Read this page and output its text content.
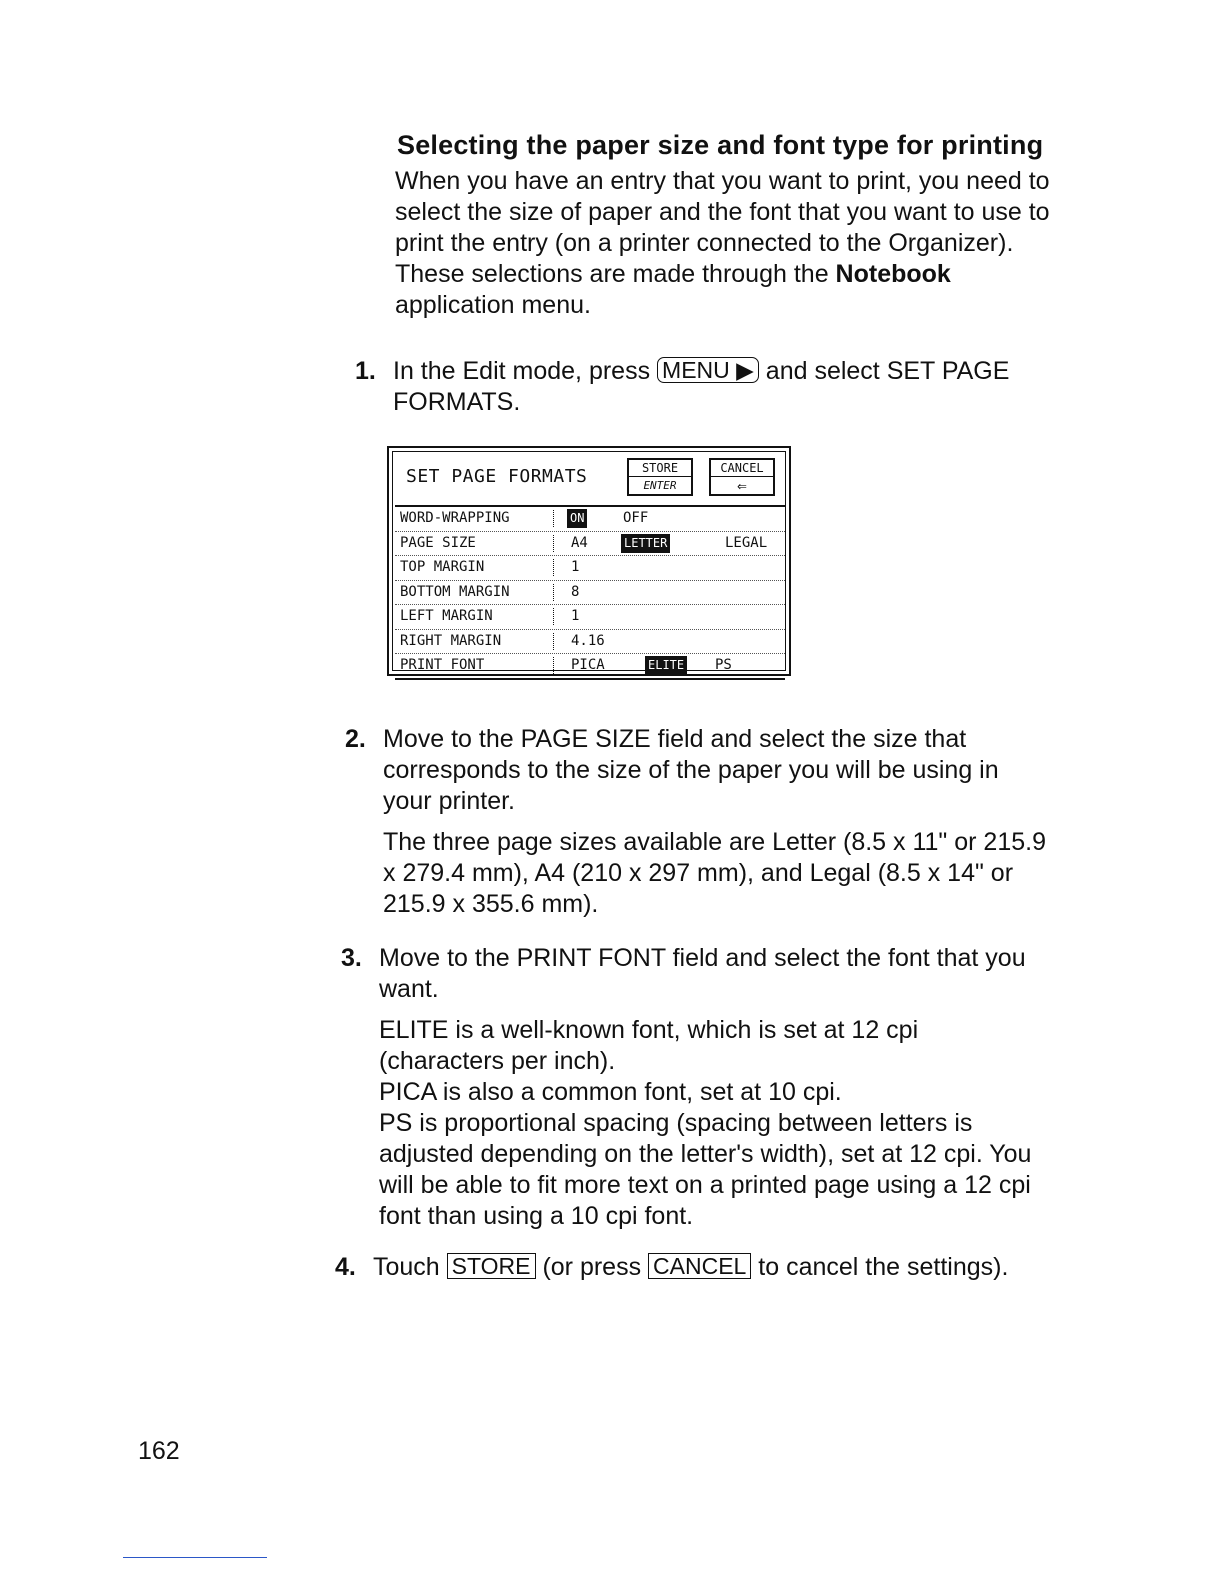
Selecting the paper size and font type for printing
When you have an entry that you want to print, you need to select the size of paper and the font that you want to use to print the entry (on a printer connected to the Organizer). These selections are made through the Notebook application menu.
1. In the Edit mode, press MENU ▶ and select SET PAGE FORMATS.
SET PAGE FORMATS	STORE
ENTER
CANCEL
⇐
WORD-WRAPPING	ON	OFF
PAGE SIZE	A4	LETTER	LEGAL
TOP MARGIN	1
BOTTOM MARGIN	8
LEFT MARGIN	1
RIGHT MARGIN	4.16
PRINT FONT	PICA	ELITE PS
2. Move to the PAGE SIZE field and select the size that corresponds to the size of the paper you will be using in your printer.

The three page sizes available are Letter (8.5 x 11" or 215.9 x 279.4 mm), A4 (210 x 297 mm), and Legal (8.5 x 14" or 215.9 x 355.6 mm).

3. Move to the PRINT FONT field and select the font that you want.

ELITE is a well-known font, which is set at 12 cpi (characters per inch).

PICA is also a common font, set at 10 cpi.

PS is proportional spacing (spacing between letters is adjusted depending on the letter's width), set at 12 cpi. You will be able to fit more text on a printed page using a 12 cpi font than using a 10 cpi font.

4. Touch STORE (or press CANCEL to cancel the settings).
162
